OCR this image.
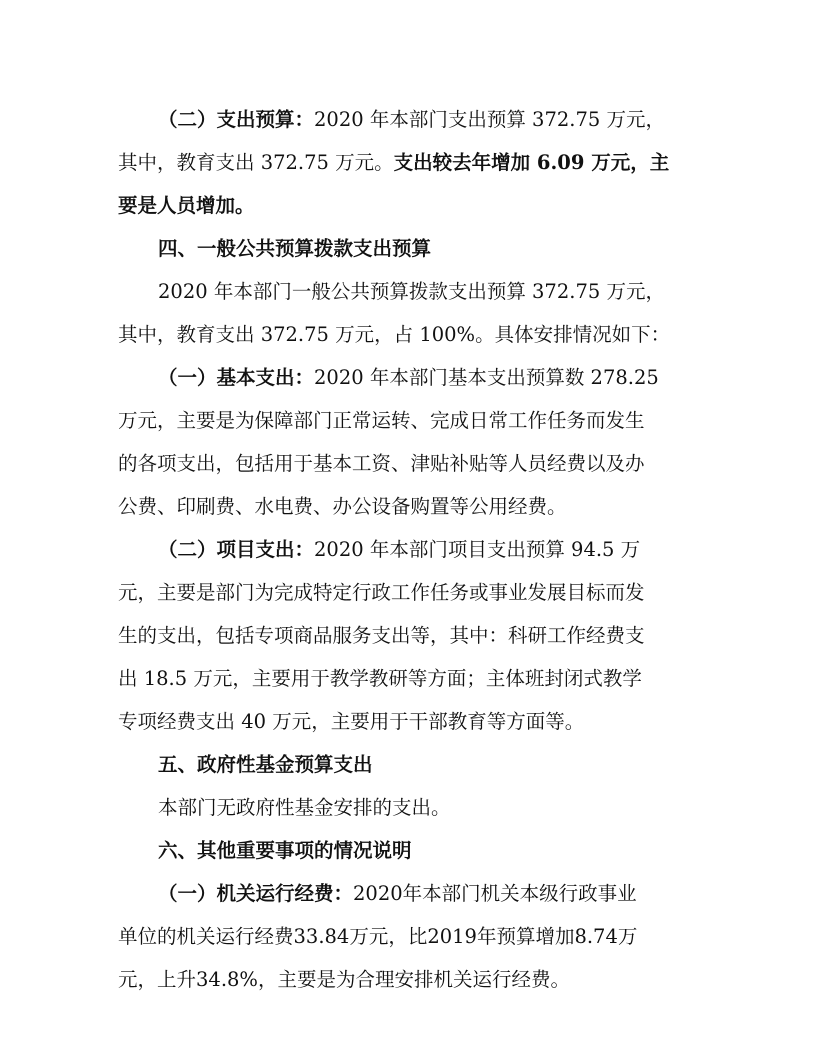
（二）支出预算：2020 年本部门支出预算 372.75 万元，

其中，教育支出 372.75 万元。支出较去年增加 6.09 万元，主

要是人员增加。

四、一般公共预算拨款支出预算

2020 年本部门一般公共预算拨款支出预算 372.75 万元，

其中，教育支出 372.75 万元，占 100%。具体安排情况如下：

（一）基本支出：2020 年本部门基本支出预算数 278.25

万元，主要是为保障部门正常运转、完成日常工作任务而发生

的各项支出，包括用于基本工资、津贴补贴等人员经费以及办

公费、印刷费、水电费、办公设备购置等公用经费。

（二）项目支出：2020 年本部门项目支出预算 94.5 万

元，主要是部门为完成特定行政工作任务或事业发展目标而发

生的支出，包括专项商品服务支出等，其中：科研工作经费支

出 18.5 万元，主要用于教学教研等方面；主体班封闭式教学

专项经费支出 40 万元，主要用于干部教育等方面等。

五、政府性基金预算支出

本部门无政府性基金安排的支出。

六、其他重要事项的情况说明

（一）机关运行经费：2020年本部门机关本级行政事业

单位的机关运行经费33.84万元，比2019年预算增加8.74万

元，上升34.8%，主要是为合理安排机关运行经费。
